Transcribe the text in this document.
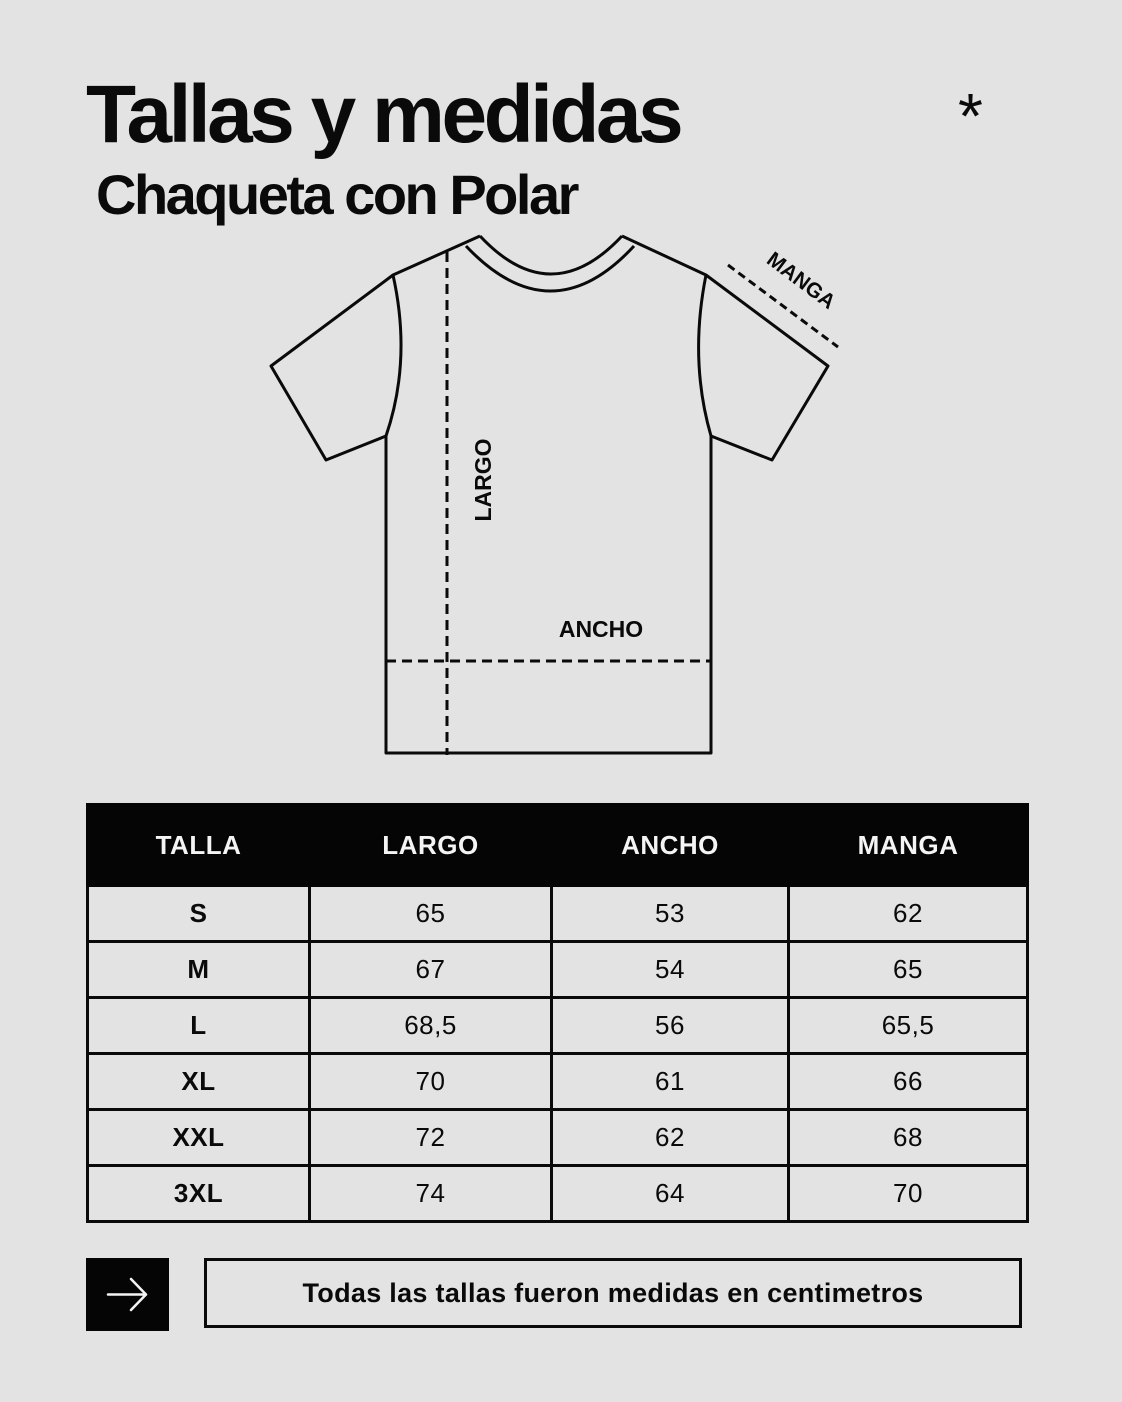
Tallas y medidas
Chaqueta con Polar
*
LARGO
ANCHO
MANGA
TALLA	LARGO	ANCHO	MANGA
S	65	53	62
M	67	54	65
L	68,5	56	65,5
XL	70	61	66
XXL	72	62	68
3XL	74	64	70
Todas las tallas fueron medidas en centimetros
